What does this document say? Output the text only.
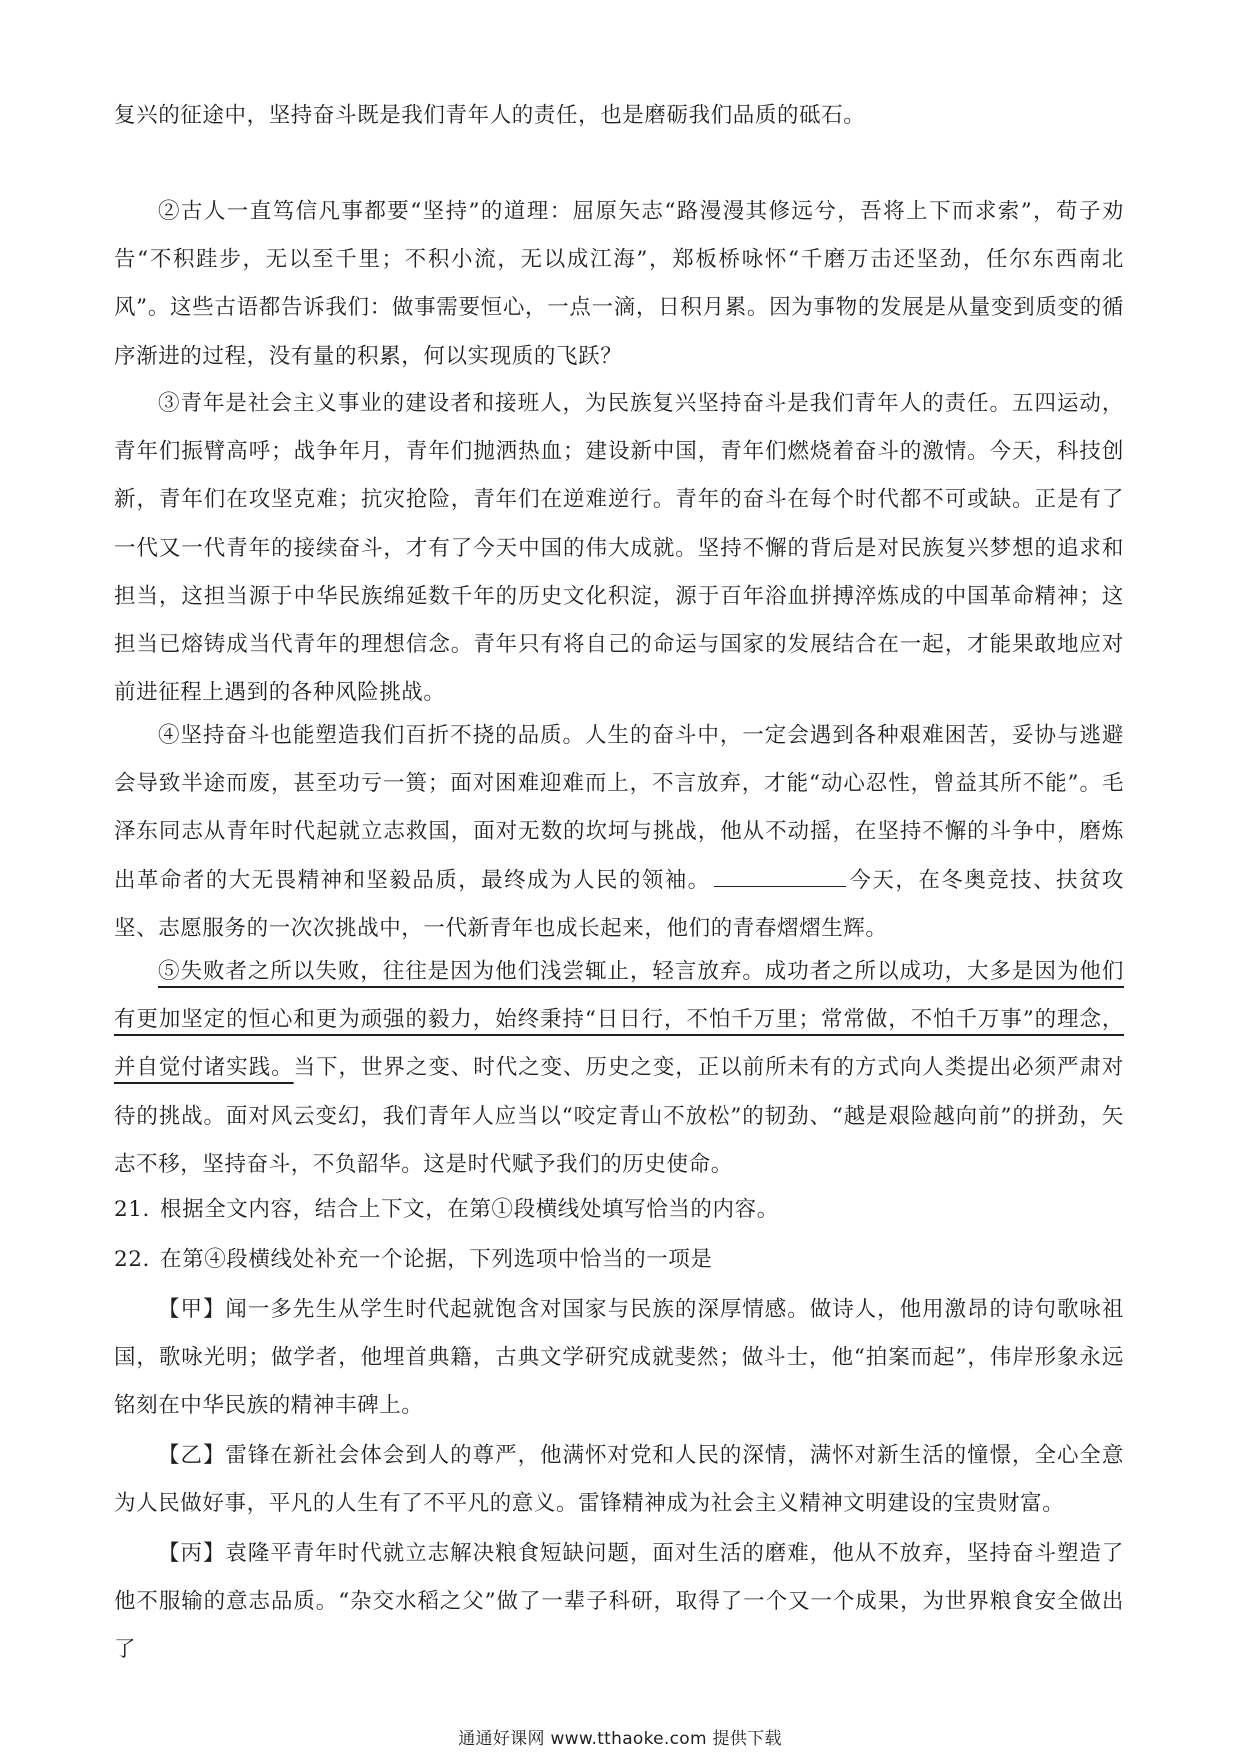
复兴的征途中，坚持奋斗既是我们青年人的责任，也是磨砺我们品质的砥石。

②古人一直笃信凡事都要“坚持”的道理：屈原矢志“路漫漫其修远兮，吾将上下而求索”，荀子劝告“不积跬步，无以至千里；不积小流，无以成江海”，郑板桥咏怀“千磨万击还坚劲，任尔东西南北风”。这些古语都告诉我们：做事需要恒心，一点一滴，日积月累。因为事物的发展是从量变到质变的循序渐进的过程，没有量的积累，何以实现质的飞跃？

③青年是社会主义事业的建设者和接班人，为民族复兴坚持奋斗是我们青年人的责任。五四运动，青年们振臂高呼；战争年月，青年们抛洒热血；建设新中国，青年们燃烧着奋斗的激情。今天，科技创新，青年们在攻坚克难；抗灾抢险，青年们在逆难逆行。青年的奋斗在每个时代都不可或缺。正是有了一代又一代青年的接续奋斗，才有了今天中国的伟大成就。坚持不懈的背后是对民族复兴梦想的追求和担当，这担当源于中华民族绵延数千年的历史文化积淀，源于百年浴血拼搏淬炼成的中国革命精神；这担当已熔铸成当代青年的理想信念。青年只有将自己的命运与国家的发展结合在一起，才能果敢地应对前进征程上遇到的各种风险挑战。

④坚持奋斗也能塑造我们百折不挠的品质。人生的奋斗中，一定会遇到各种艰难困苦，妥协与逃避会导致半途而废，甚至功亏一篑；面对困难迎难而上，不言放弃，才能“动心忍性，曾益其所不能”。毛泽东同志从青年时代起就立志救国，面对无数的坎坷与挑战，他从不动摇，在坚持不懈的斗争中，磨炼出革命者的大无畏精神和坚毅品质，最终成为人民的领袖。	今天，在冬奥竞技、扶贫攻坚、志愿服务的一次次挑战中，一代新青年也成长起来，他们的青春熠熠生辉。

⑤失败者之所以失败，往往是因为他们浅尝辄止，轻言放弃。成功者之所以成功，大多是因为他们有更加坚定的恒心和更为顽强的毅力，始终秉持“日日行，不怕千万里；常常做，不怕千万事”的理念，并自觉付诸实践。当下，世界之变、时代之变、历史之变，正以前所未有的方式向人类提出必须严肃对待的挑战。面对风云变幻，我们青年人应当以“咬定青山不放松”的韧劲、“越是艰险越向前”的拼劲，矢志不移，坚持奋斗，不负韶华。这是时代赋予我们的历史使命。

21. 根据全文内容，结合上下文，在第①段横线处填写恰当的内容。

22. 在第④段横线处补充一个论据，下列选项中恰当的一项是

【甲】闻一多先生从学生时代起就饱含对国家与民族的深厚情感。做诗人，他用激昂的诗句歌咏祖国，歌咏光明；做学者，他埋首典籍，古典文学研究成就斐然；做斗士，他“拍案而起”，伟岸形象永远铭刻在中华民族的精神丰碑上。

【乙】雷锋在新社会体会到人的尊严，他满怀对党和人民的深情，满怀对新生活的憧憬，全心全意为人民做好事，平凡的人生有了不平凡的意义。雷锋精神成为社会主义精神文明建设的宝贵财富。

【丙】袁隆平青年时代就立志解决粮食短缺问题，面对生活的磨难，他从不放弃，坚持奋斗塑造了他不服输的意志品质。“杂交水稻之父”做了一辈子科研，取得了一个又一个成果，为世界粮食安全做出了

通通好课网 www.tthaoke.com 提供下载
